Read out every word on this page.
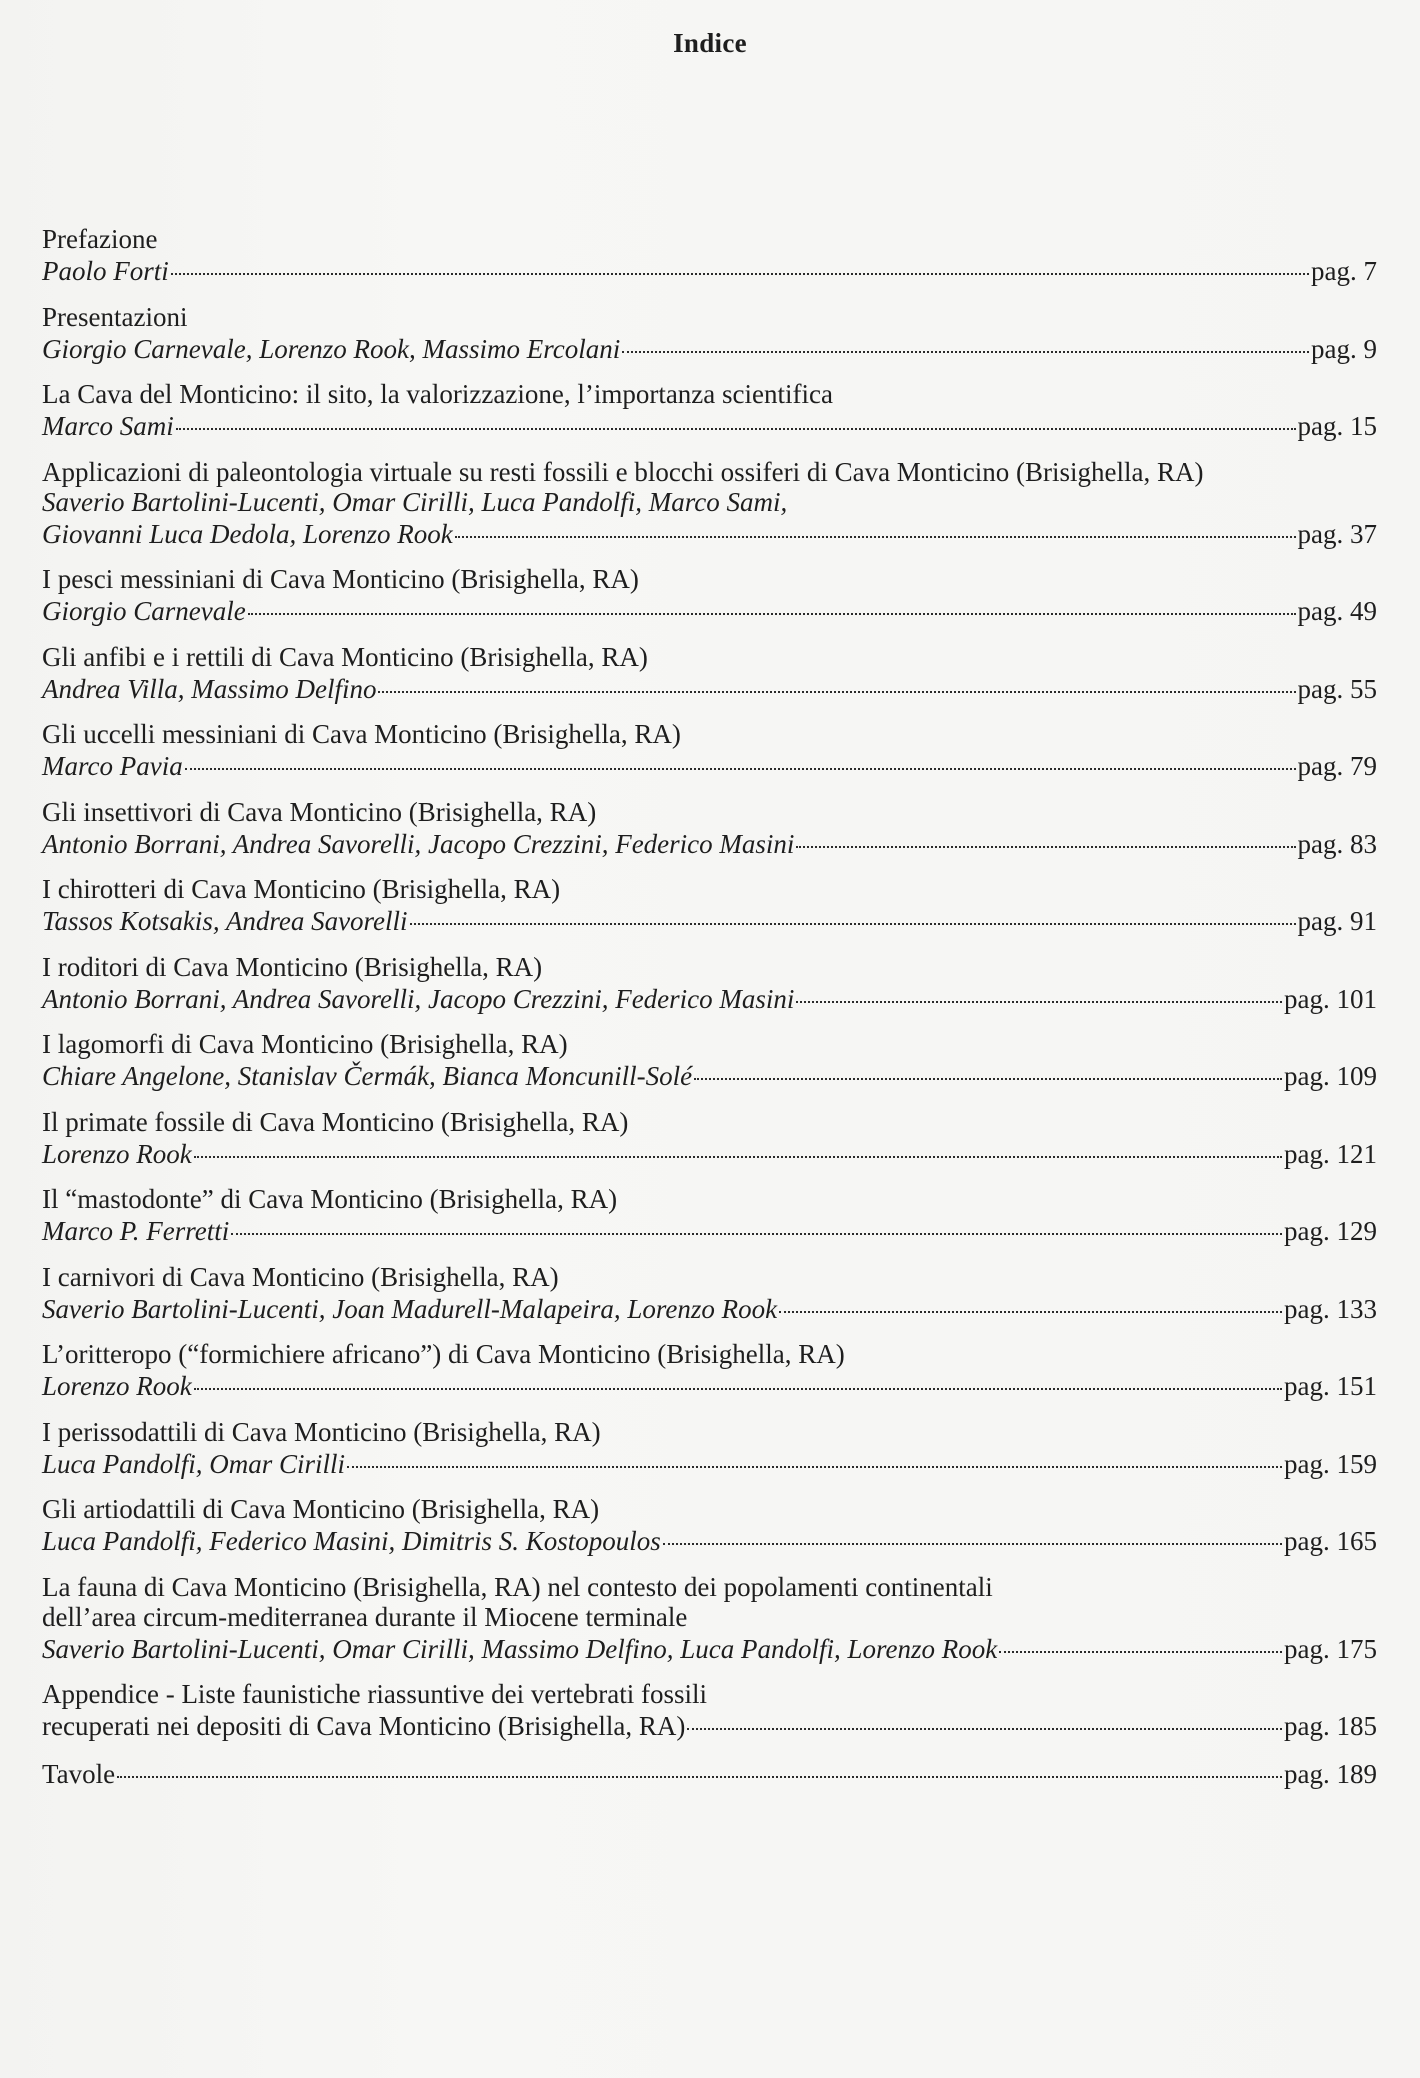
Indice
Prefazione
Paolo Forti	pag. 7
Presentazioni
Giorgio Carnevale, Lorenzo Rook, Massimo Ercolani	pag. 9
La Cava del Monticino: il sito, la valorizzazione, l’importanza scientifica
Marco Sami	pag. 15
Applicazioni di paleontologia virtuale su resti fossili e blocchi ossiferi di Cava Monticino (Brisighella, RA)
Saverio Bartolini-Lucenti, Omar Cirilli, Luca Pandolfi, Marco Sami,
Giovanni Luca Dedola, Lorenzo Rook	pag. 37
I pesci messiniani di Cava Monticino (Brisighella, RA)
Giorgio Carnevale	pag. 49
Gli anfibi e i rettili di Cava Monticino (Brisighella, RA)
Andrea Villa, Massimo Delfino	pag. 55
Gli uccelli messiniani di Cava Monticino (Brisighella, RA)
Marco Pavia	pag. 79
Gli insettivori di Cava Monticino (Brisighella, RA)
Antonio Borrani, Andrea Savorelli, Jacopo Crezzini, Federico Masini	pag. 83
I chirotteri di Cava Monticino (Brisighella, RA)
Tassos Kotsakis, Andrea Savorelli	pag. 91
I roditori di Cava Monticino (Brisighella, RA)
Antonio Borrani, Andrea Savorelli, Jacopo Crezzini, Federico Masini	pag. 101
I lagomorfi di Cava Monticino (Brisighella, RA)
Chiare Angelone, Stanislav Čermák, Bianca Moncunill-Solé	pag. 109
Il primate fossile di Cava Monticino (Brisighella, RA)
Lorenzo Rook	pag. 121
Il “mastodonte” di Cava Monticino (Brisighella, RA)
Marco P. Ferretti	pag. 129
I carnivori di Cava Monticino (Brisighella, RA)
Saverio Bartolini-Lucenti, Joan Madurell-Malapeira, Lorenzo Rook	pag. 133
L’oritteropo (“formichiere africano”) di Cava Monticino (Brisighella, RA)
Lorenzo Rook	pag. 151
I perissodattili di Cava Monticino (Brisighella, RA)
Luca Pandolfi, Omar Cirilli	pag. 159
Gli artiodattili di Cava Monticino (Brisighella, RA)
Luca Pandolfi, Federico Masini, Dimitris S. Kostopoulos	pag. 165
La fauna di Cava Monticino (Brisighella, RA) nel contesto dei popolamenti continentali
dell’area circum-mediterranea durante il Miocene terminale
Saverio Bartolini-Lucenti, Omar Cirilli, Massimo Delfino, Luca Pandolfi, Lorenzo Rook	pag. 175
Appendice - Liste faunistiche riassuntive dei vertebrati fossili
recuperati nei depositi di Cava Monticino (Brisighella, RA)	pag. 185
Tavole	pag. 189
